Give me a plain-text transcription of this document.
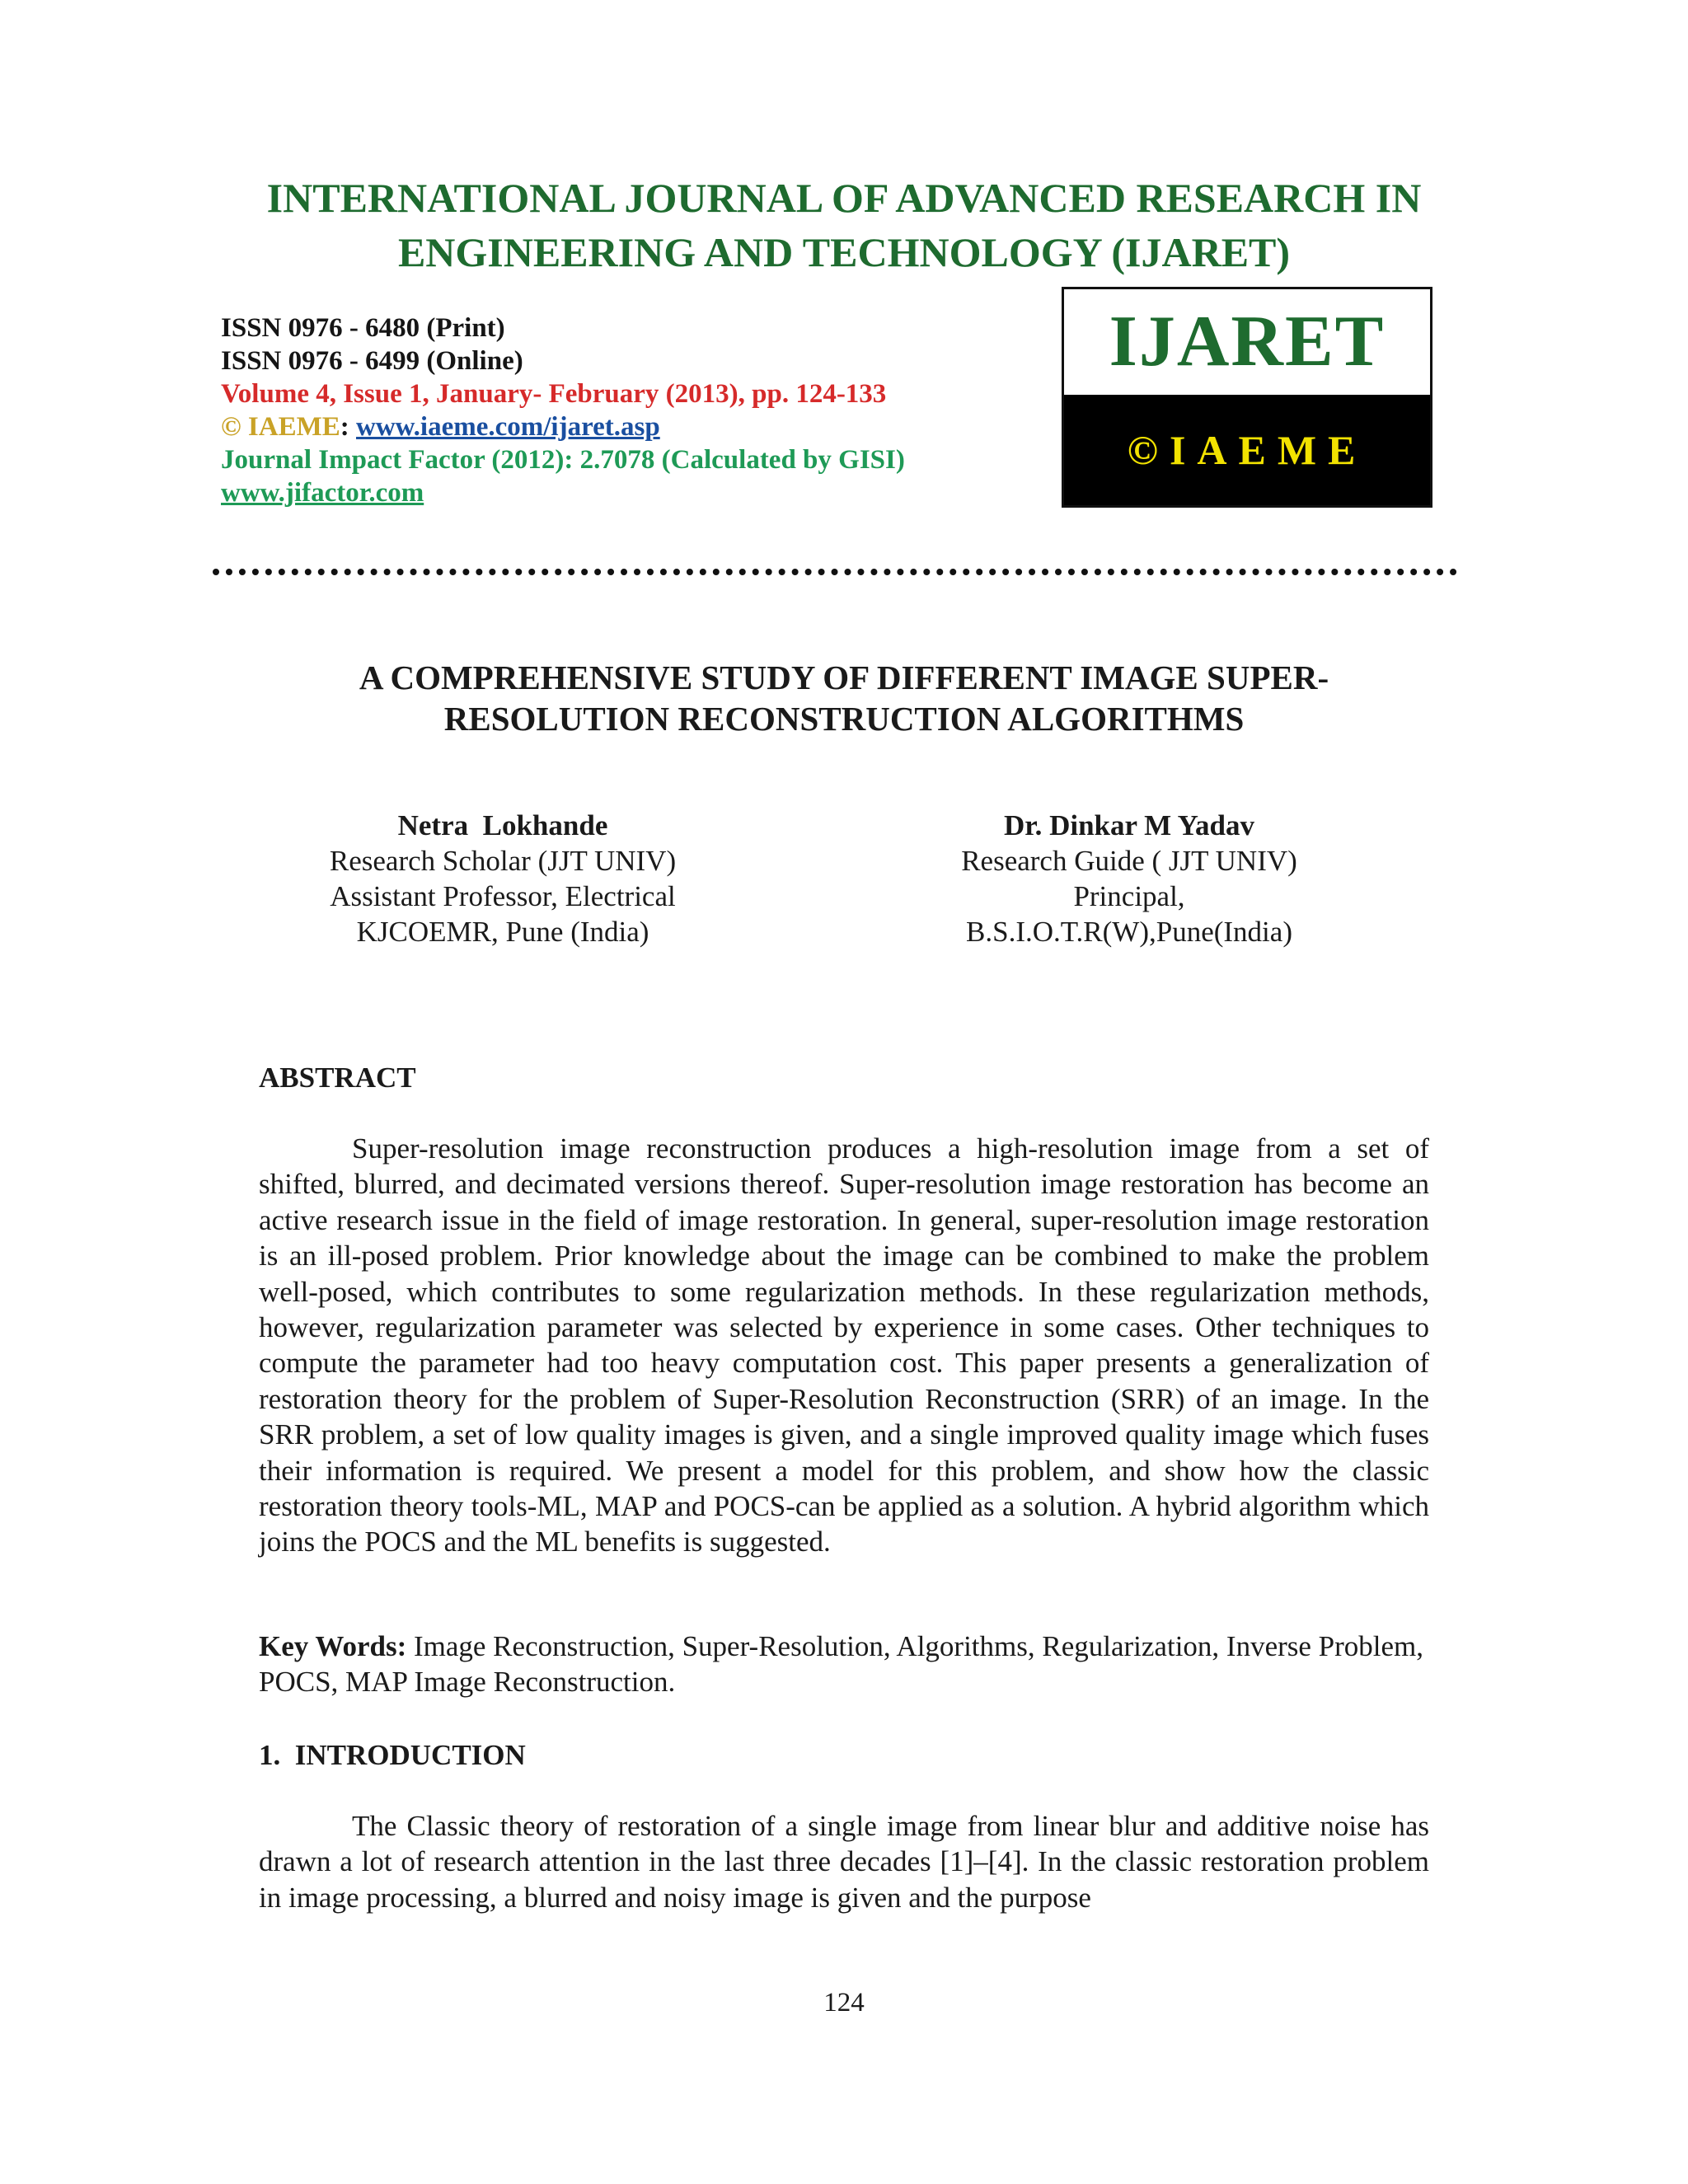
INTERNATIONAL JOURNAL OF ADVANCED RESEARCH IN
ENGINEERING AND TECHNOLOGY (IJARET)
ISSN 0976 - 6480 (Print)
ISSN 0976 - 6499 (Online)
Volume 4, Issue 1, January- February (2013), pp. 124-133
© IAEME: www.iaeme.com/ijaret.asp
Journal Impact Factor (2012): 2.7078 (Calculated by GISI)
www.jifactor.com
IJARET
©IAEME
A COMPREHENSIVE STUDY OF DIFFERENT IMAGE SUPER-
RESOLUTION RECONSTRUCTION ALGORITHMS
Netra  Lokhande
Research Scholar (JJT UNIV)
Assistant Professor, Electrical
KJCOEMR, Pune (India)
Dr. Dinkar M Yadav
Research Guide ( JJT UNIV)
Principal,
B.S.I.O.T.R(W),Pune(India)
ABSTRACT

Super-resolution image reconstruction produces a high-resolution image from a set of shifted, blurred, and decimated versions thereof. Super-resolution image restoration has become an active research issue in the field of image restoration. In general, super-resolution image restoration is an ill-posed problem. Prior knowledge about the image can be combined to make the problem well-posed, which contributes to some regularization methods. In these regularization methods, however, regularization parameter was selected by experience in some cases. Other techniques to compute the parameter had too heavy computation cost. This paper presents a generalization of restoration theory for the problem of Super-Resolution Reconstruction (SRR) of an image. In the SRR problem, a set of low quality images is given, and a single improved quality image which fuses their information is required. We present a model for this problem, and show how the classic restoration theory tools-ML, MAP and POCS-can be applied as a solution. A hybrid algorithm which joins the POCS and the ML benefits is suggested.

Key Words: Image Reconstruction, Super-Resolution, Algorithms, Regularization, Inverse Problem, POCS, MAP Image Reconstruction.

1.  INTRODUCTION

The Classic theory of restoration of a single image from linear blur and additive noise has drawn a lot of research attention in the last three decades [1]–[4]. In the classic restoration problem in image processing, a blurred and noisy image is given and the purpose

124
